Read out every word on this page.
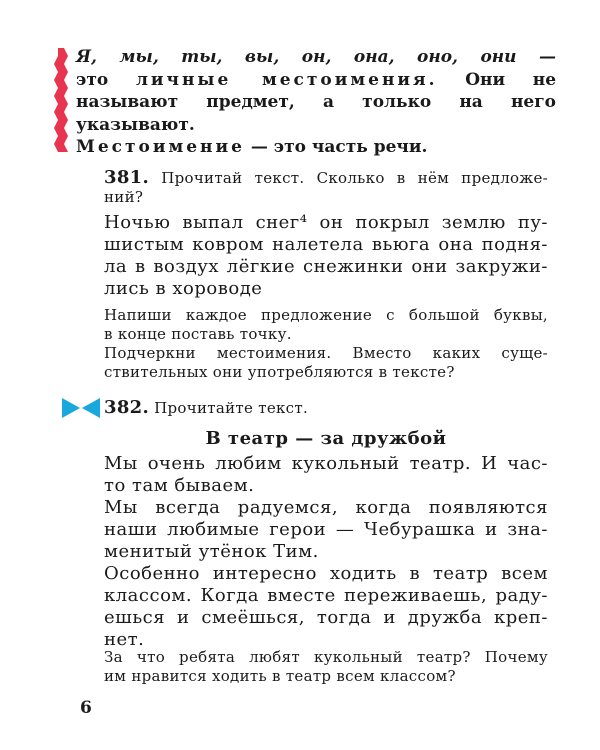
Я, мы, ты, вы, он, она, оно, они —

это личные местоимения. Они не

называют предмет, а только на него

указывают.

Местоимение — это часть речи.

381. Прочитай текст. Сколько в нём предложе-
ний?
Ночью выпал снег⁴ он покрыл землю пу-
шистым ковром налетела вьюга она подня-
ла в воздух лёгкие снежинки они закружи-
лись в хороводе
Напиши каждое предложение с большой буквы,
в конце поставь точку.
Подчеркни местоимения. Вместо каких суще-
ствительных они употребляются в тексте?
382. Прочитайте текст.
В театр — за дружбой
Мы очень любим кукольный театр. И час-
то там бываем.
Мы всегда радуемся, когда появляются
наши любимые герои — Чебурашка и зна-
менитый утёнок Тим.
Особенно интересно ходить в театр всем
классом. Когда вместе переживаешь, раду-
ешься и смеёшься, тогда и дружба креп-
нет.
За что ребята любят кукольный театр? Почему
им нравится ходить в театр всем классом?
6
